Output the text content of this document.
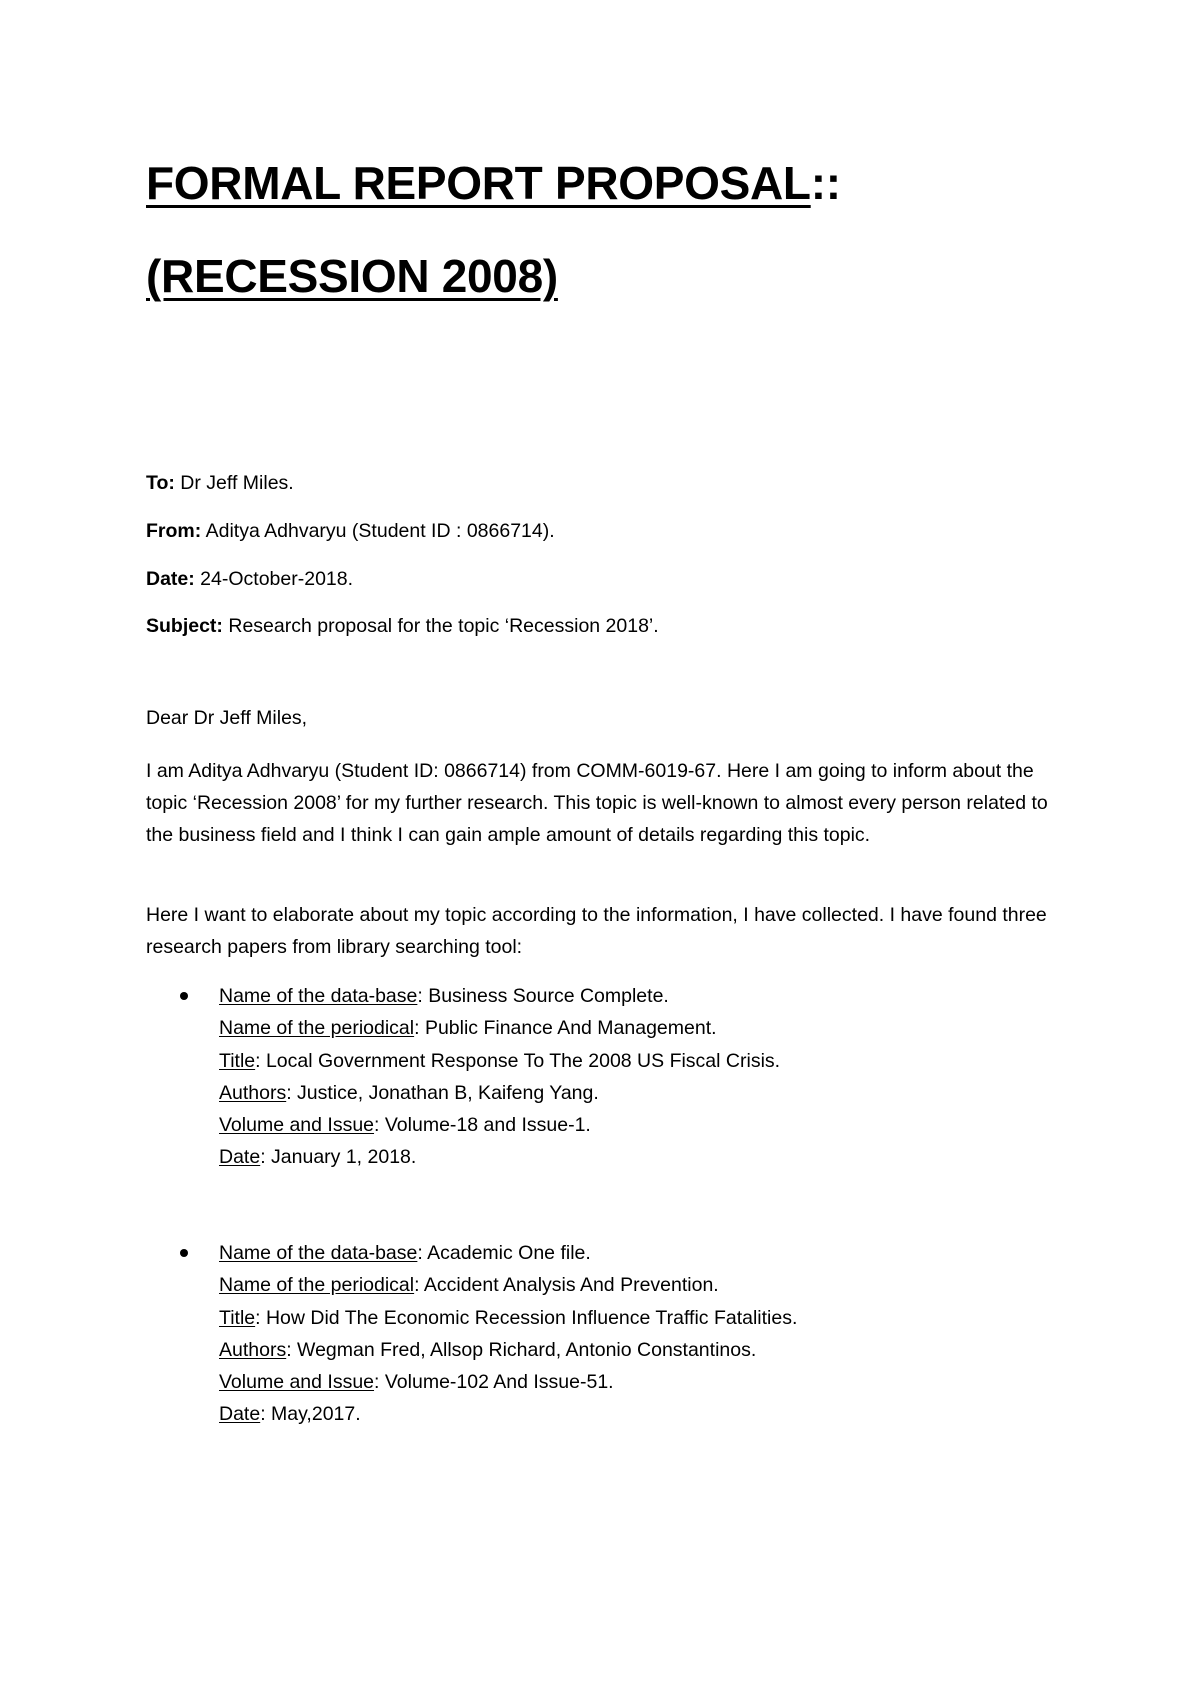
FORMAL REPORT PROPOSAL::
(RECESSION 2008)
To: Dr Jeff Miles.
From: Aditya Adhvaryu (Student ID : 0866714).
Date: 24-October-2018.
Subject: Research proposal for the topic ‘Recession 2018’.
Dear Dr Jeff Miles,
I am Aditya Adhvaryu (Student ID: 0866714) from COMM-6019-67. Here I am going to inform about the topic ‘Recession 2008’ for my further research. This topic is well-known to almost every person related to the business field and I think I can gain ample amount of details regarding this topic.
Here I want to elaborate about my topic according to the information, I have collected. I have found three research papers from library searching tool:
Name of the data-base: Business Source Complete.
Name of the periodical: Public Finance And Management.
Title: Local Government Response To The 2008 US Fiscal Crisis.
Authors: Justice, Jonathan B, Kaifeng Yang.
Volume and Issue: Volume-18 and Issue-1.
Date: January 1, 2018.
Name of the data-base: Academic One file.
Name of the periodical: Accident Analysis And Prevention.
Title: How Did The Economic Recession Influence Traffic Fatalities.
Authors: Wegman Fred, Allsop Richard, Antonio Constantinos.
Volume and Issue: Volume-102 And Issue-51.
Date: May,2017.
